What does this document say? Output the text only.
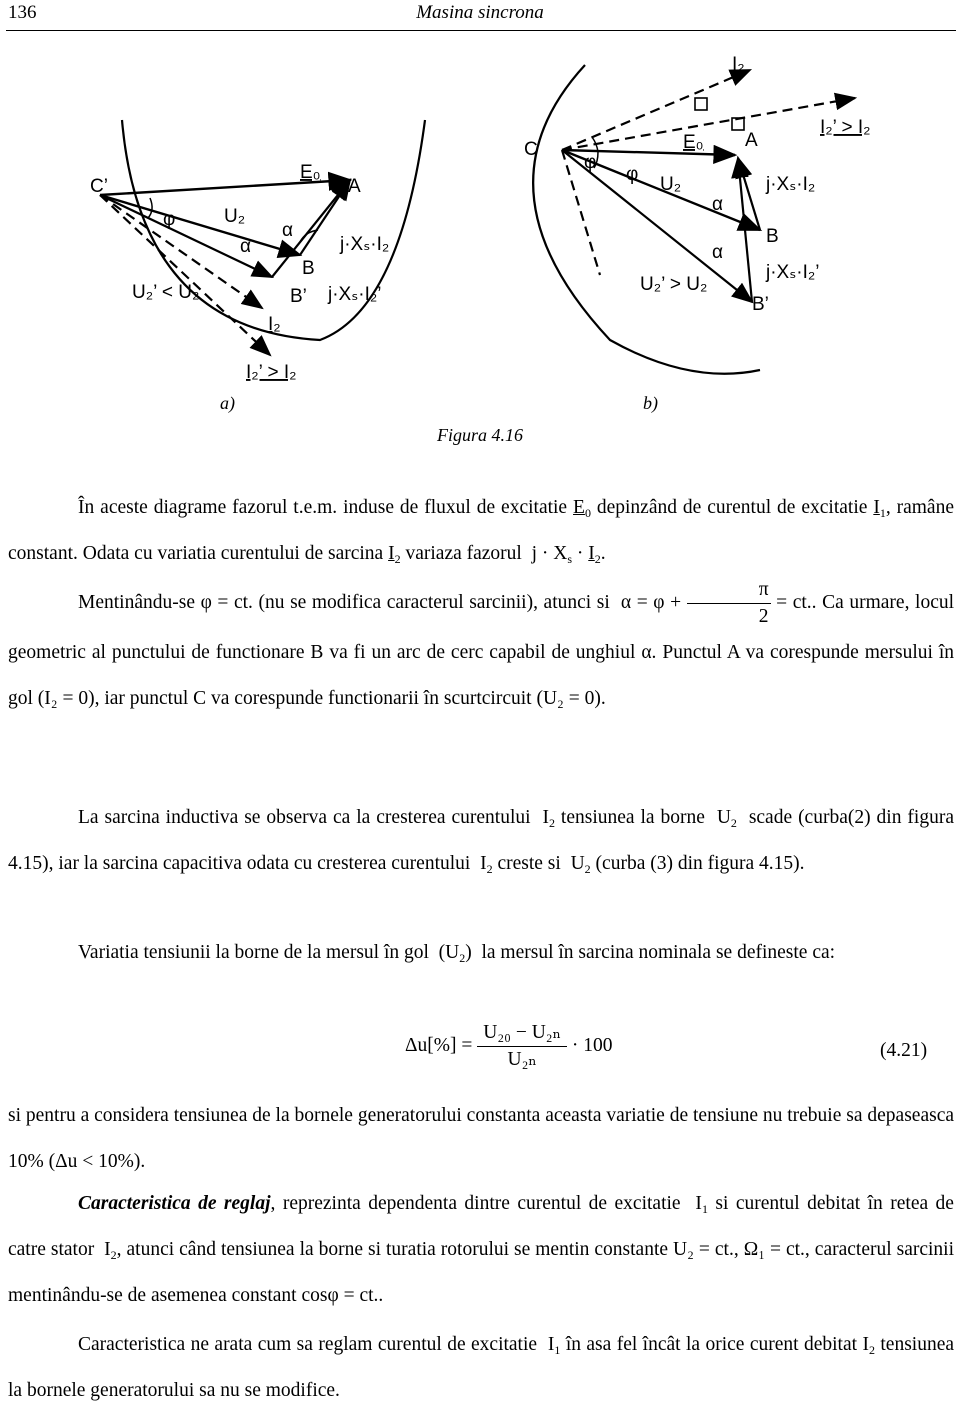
136	Masina sincrona
C’
E₀
A
φ	U₂
α
α	j·Xₛ·I₂
B
j·Xₛ·I₂’
B’
U₂’ < U₂
I₂
I₂’ > I₂
C
I₂
I₂’ > I₂
E₀ A
φ
φ U₂	j·Xₛ·I₂
α
B
α
j·Xₛ·I₂’
U₂’ > U₂
B’
a)	b)
Figura 4.16
În aceste diagrame fazorul t.e.m. induse de fluxul de excitatie $E_0$ depinzând de curentul de excitatie $I_1$, ramâne constant. Odata cu variatia curentului de sarcina $I_2$ variaza fazorul  $j \cdot X_s \cdot I_2$.
Mentinându-se φ = ct. (nu se modifica caracterul sarcinii), atunci si $\alpha = \varphi + \frac{\pi}{2}$ = ct.. Ca urmare, locul geometric al punctului de functionare B va fi un arc de cerc capabil de unghiul α. Punctul A va corespunde mersului în gol (I₂ = 0), iar punctul C va corespunde functionarii în scurtcircuit (U₂ = 0).
La sarcina inductiva se observa ca la cresterea curentului  $I_2$ tensiunea la borne  $U_2$ scade (curba(2) din figura 4.15), iar la sarcina capacitiva odata cu cresterea curentului  $I_2$ creste si  $U_2$ (curba (3) din figura 4.15).
Variatia tensiunii la borne de la mersul în gol  $(U_2)$  la mersul în sarcina nominala se defineste ca:
$\Delta u[\%] = \frac{\text{U₂₀ − U₂ₙ}}{\text{U₂ₙ}} \cdot 100$	(4.21)
si pentru a considera tensiunea de la bornele generatorului constanta aceasta variatie de tensiune nu trebuie sa depaseasca 10% (Δu < 10%).
Caracteristica de reglaj, reprezinta dependenta dintre curentul de excitatie  $I_1$ si curentul debitat în retea de catre stator  $I_2$, atunci când tensiunea la borne si turatia rotorului se mentin constante U₂ = ct., Ω₁ = ct., caracterul sarcinii mentinându-se de asemenea constant cosφ = ct..
Caracteristica ne arata cum sa reglam curentul de excitatie  $I_1$ în asa fel încât la orice curent debitat $I_2$ tensiunea la bornele generatorului sa nu se modifice.
